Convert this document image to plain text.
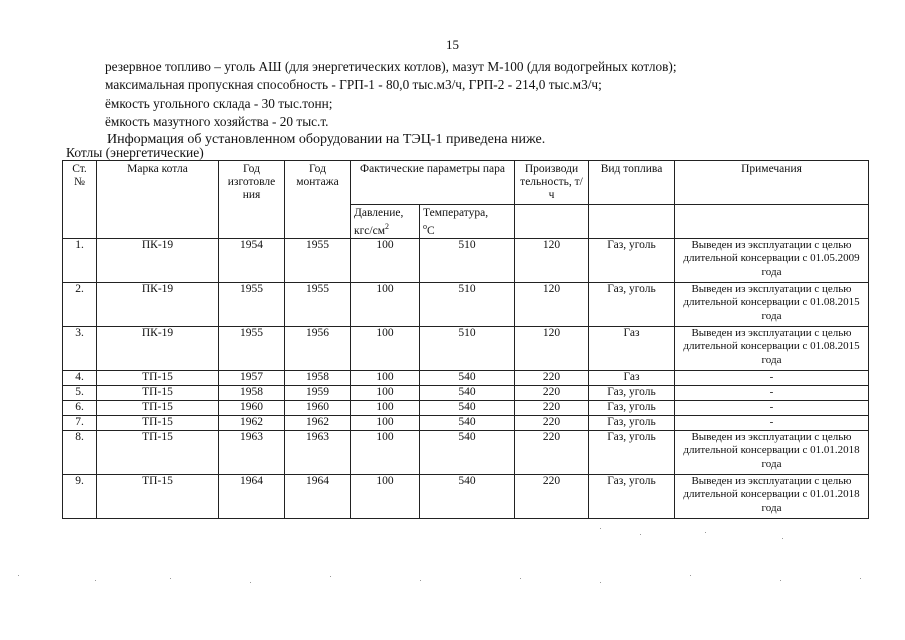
15
резервное топливо – уголь АШ (для энергетических котлов), мазут М-100 (для водогрейных котлов);
максимальная пропускная способность - ГРП-1 - 80,0 тыс.м3/ч, ГРП-2 - 214,0 тыс.м3/ч;
ёмкость угольного склада - 30 тыс.тонн;
ёмкость мазутного хозяйства - 20 тыс.т.
Информация об установленном оборудовании на ТЭЦ-1 приведена ниже.
Котлы (энергетические)
Ст. №	Марка котла	Год изготовле ния	Год монтажа	Фактические параметры пара		Производи тельность, т/ч	Вид топлива	Примечания
				Давление, кгс/$см^2$	Температура,
$^o$С			
1.	ПК-19	1954	1955	100	510	120	Газ, уголь	Выведен из эксплуатации с целью длительной консервации с 01.05.2009 года
2.	ПК-19	1955	1955	100	510	120	Газ, уголь	Выведен из эксплуатации с целью длительной консервации с 01.08.2015 года
3.	ПК-19	1955	1956	100	510	120	Газ	Выведен из эксплуатации с целью длительной консервации с 01.08.2015 года
4.	ТП-15	1957	1958	100	540	220	Газ	-
5.	ТП-15	1958	1959	100	540	220	Газ, уголь	-
6.	ТП-15	1960	1960	100	540	220	Газ, уголь	-
7.	ТП-15	1962	1962	100	540	220	Газ, уголь	-
8.	ТП-15	1963	1963	100	540	220	Газ, уголь	Выведен из эксплуатации с целью длительной консервации с 01.01.2018 года
9.	ТП-15	1964	1964	100	540	220	Газ, уголь	Выведен из эксплуатации с целью длительной консервации с 01.01.2018 года
